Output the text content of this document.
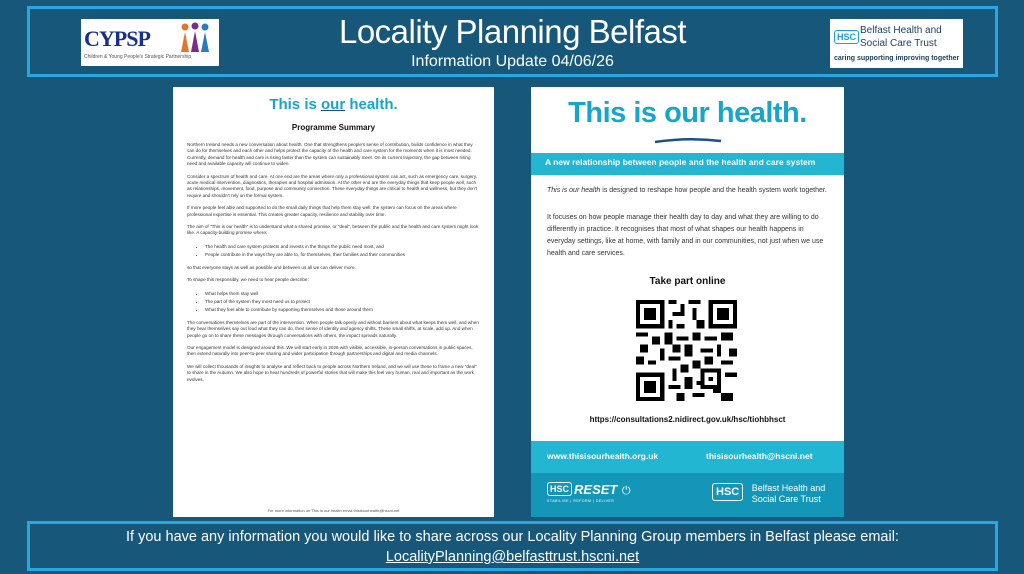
Locality Planning Belfast
Information Update 04/06/26
CYPSP
Children & Young People's Strategic Partnership
HSC
Belfast Health and
Social Care Trust
caring supporting improving together
This is our health.
Programme Summary

Northern Ireland needs a new conversation about health. One that strengthens people's sense of contribution, builds confidence in what they can do for themselves and each other and helps protect the capacity of the health and care system for the moments when it is most needed. Currently, demand for health and care is rising faster than the system can sustainably meet. On its current trajectory, the gap between rising need and available capacity will continue to widen.

Consider a spectrum of health and care. At one end are the areas where only a professional system can act, such as emergency care, surgery, acute medical intervention, diagnostics, therapies and hospital admission. At the other end are the everyday things that keep people well, such as relationships, movement, food, purpose and community connection. These everyday things are critical to health and wellness, but they don't require and shouldn't rely on the formal system.

If more people feel able and supported to do the small daily things that help them stay well, the system can focus on the areas where professional expertise is essential. This creates greater capacity, resilience and stability over time.

The aim of "This is our health" is to understand what a shared promise, or "deal", between the public and the health and care system might look like. A capacity-building promise where:

• The health and care system protects and invests in the things the public need most, and
• People contribute in the ways they are able to, for themselves, their families and their communities

so that everyone stays as well as possible and between us all we can deliver more.

To shape this responsibly, we need to hear people describe:

• What helps them stay well
• The part of the system they most need us to protect
• What they feel able to contribute by supporting themselves and those around them

The conversations themselves are part of the intervention. When people talk openly and without barriers about what keeps them well, and when they hear themselves say out loud what they can do, their sense of identity and agency shifts. These small shifts, at scale, add up. And when people go on to share these messages through conversations with others, the impact spreads naturally.

Our engagement model is designed around this. We will start early in 2026 with visible, accessible, in-person conversations in public spaces, then extend naturally into peer-to-peer sharing and wider participation through partnerships and digital and media channels.

We will collect thousands of insights to analyse and reflect back to people across Northern Ireland, and we will use these to frame a new "deal" to share in the Autumn. We also hope to hear hundreds of powerful stories that will make this feel very human, real and important as the work evolves.

For more information on This is our health email thisisourhealth@hscni.net
This is our health.
A new relationship between people and the health and care system
This is our health is designed to reshape how people and the health system work together.
It focuses on how people manage their health day to day and what they are willing to do differently in practice. It recognises that most of what shapes our health happens in everyday settings, like at home, with family and in our communities, not just when we use health and care services.
Take part online
https://consultations2.nidirect.gov.uk/hsc/tiohbhsct
www.thisisourhealth.org.uk	thisisourhealth@hscni.net
HSC RESET ⏻
STABILISE | REFORM | DELIVER
HSC Belfast Health and
Social Care Trust
If you have any information you would like to share across our Locality Planning Group members in Belfast please email:
LocalityPlanning@belfasttrust.hscni.net
